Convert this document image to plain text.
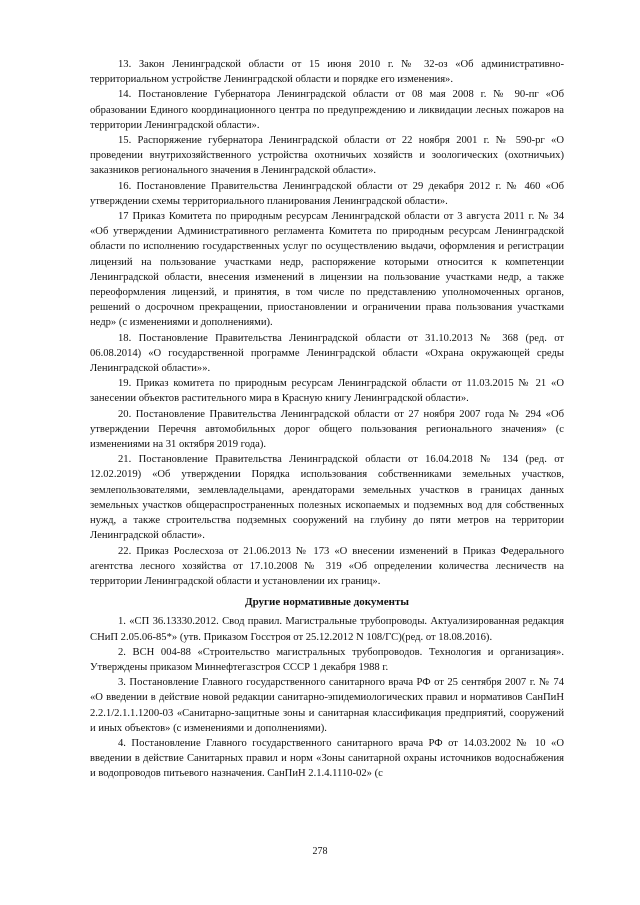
13. Закон Ленинградской области от 15 июня 2010 г. № 32-оз «Об административно-территориальном устройстве Ленинградской области и порядке его изменения».

14. Постановление Губернатора Ленинградской области от 08 мая 2008 г. № 90-пг «Об образовании Единого координационного центра по предупреждению и ликвидации лесных пожаров на территории Ленинградской области».

15. Распоряжение губернатора Ленинградской области от 22 ноября 2001 г. № 590-рг «О проведении внутрихозяйственного устройства охотничьих хозяйств и зоологических (охотничьих) заказников регионального значения в Ленинградской области».

16. Постановление Правительства Ленинградской области от 29 декабря 2012 г. № 460 «Об утверждении схемы территориального планирования Ленинградской области».

17 Приказ Комитета по природным ресурсам Ленинградской области от 3 августа 2011 г. № 34 «Об утверждении Административного регламента Комитета по природным ресурсам Ленинградской области по исполнению государственных услуг по осуществлению выдачи, оформления и регистрации лицензий на пользование участками недр, распоряжение которыми относится к компетенции Ленинградской области, внесения изменений в лицензии на пользование участками недр, а также переоформления лицензий, и принятия, в том числе по представлению уполномоченных органов, решений о досрочном прекращении, приостановлении и ограничении права пользования участками недр» (с изменениями и дополнениями).

18. Постановление Правительства Ленинградской области от 31.10.2013 № 368 (ред. от 06.08.2014) «О государственной программе Ленинградской области «Охрана окружающей среды Ленинградской области»».

19. Приказ комитета по природным ресурсам Ленинградской области от 11.03.2015 № 21 «О занесении объектов растительного мира в Красную книгу Ленинградской области».

20. Постановление Правительства Ленинградской области от 27 ноября 2007 года № 294 «Об утверждении Перечня автомобильных дорог общего пользования регионального значения» (с изменениями на 31 октября 2019 года).

21. Постановление Правительства Ленинградской области от 16.04.2018 № 134 (ред. от 12.02.2019) «Об утверждении Порядка использования собственниками земельных участков, землепользователями, землевладельцами, арендаторами земельных участков в границах данных земельных участков общераспространенных полезных ископаемых и подземных вод для собственных нужд, а также строительства подземных сооружений на глубину до пяти метров на территории Ленинградской области».

22. Приказ Рослесхоза от 21.06.2013 № 173 «О внесении изменений в Приказ Федерального агентства лесного хозяйства от 17.10.2008 № 319 «Об определении количества лесничеств на территории Ленинградской области и установлении их границ».

Другие нормативные документы

1. «СП 36.13330.2012. Свод правил. Магистральные трубопроводы. Актуализированная редакция СНиП 2.05.06-85*» (утв. Приказом Госстроя от 25.12.2012 N 108/ГС)(ред. от 18.08.2016).

2. ВСН 004-88 «Строительство магистральных трубопроводов. Технология и организация». Утверждены приказом Миннефтегазстроя СССР 1 декабря 1988 г.

3. Постановление Главного государственного санитарного врача РФ от 25 сентября 2007 г. № 74 «О введении в действие новой редакции санитарно-эпидемиологических правил и нормативов СанПиН 2.2.1/2.1.1.1200-03 «Санитарно-защитные зоны и санитарная классификация предприятий, сооружений и иных объектов» (с изменениями и дополнениями).

4. Постановление Главного государственного санитарного врача РФ от 14.03.2002 № 10 «О введении в действие Санитарных правил и норм «Зоны санитарной охраны источников водоснабжения и водопроводов питьевого назначения. СанПиН 2.1.4.1110-02» (с

278
